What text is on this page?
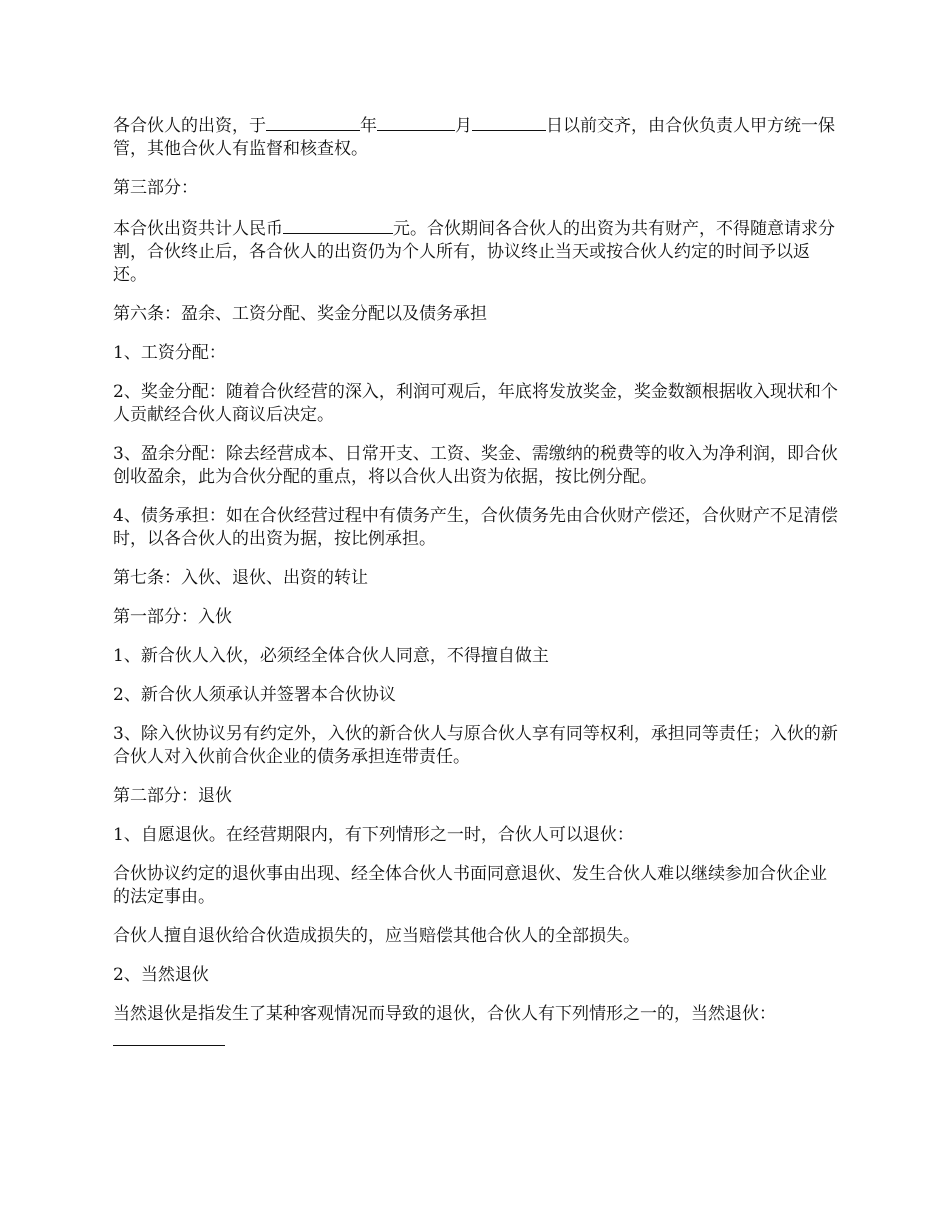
各合伙人的出资，于	年	月	日以前交齐，由合伙负责人甲方统一保管，其他合伙人有监督和核查权。

第三部分：

本合伙出资共计人民币	元。合伙期间各合伙人的出资为共有财产，不得随意请求分割，合伙终止后，各合伙人的出资仍为个人所有，协议终止当天或按合伙人约定的时间予以返还。

第六条：盈余、工资分配、奖金分配以及债务承担

1、工资分配：

2、奖金分配：随着合伙经营的深入，利润可观后，年底将发放奖金，奖金数额根据收入现状和个人贡献经合伙人商议后决定。

3、盈余分配：除去经营成本、日常开支、工资、奖金、需缴纳的税费等的收入为净利润，即合伙创收盈余，此为合伙分配的重点，将以合伙人出资为依据，按比例分配。

4、债务承担：如在合伙经营过程中有债务产生，合伙债务先由合伙财产偿还，合伙财产不足清偿时，以各合伙人的出资为据，按比例承担。

第七条：入伙、退伙、出资的转让

第一部分：入伙

1、新合伙人入伙，必须经全体合伙人同意，不得擅自做主

2、新合伙人须承认并签署本合伙协议

3、除入伙协议另有约定外，入伙的新合伙人与原合伙人享有同等权利，承担同等责任；入伙的新合伙人对入伙前合伙企业的债务承担连带责任。

第二部分：退伙

1、自愿退伙。在经营期限内，有下列情形之一时，合伙人可以退伙：

合伙协议约定的退伙事由出现、经全体合伙人书面同意退伙、发生合伙人难以继续参加合伙企业的法定事由。

合伙人擅自退伙给合伙造成损失的，应当赔偿其他合伙人的全部损失。

2、当然退伙

当然退伙是指发生了某种客观情况而导致的退伙，合伙人有下列情形之一的，当然退伙：
